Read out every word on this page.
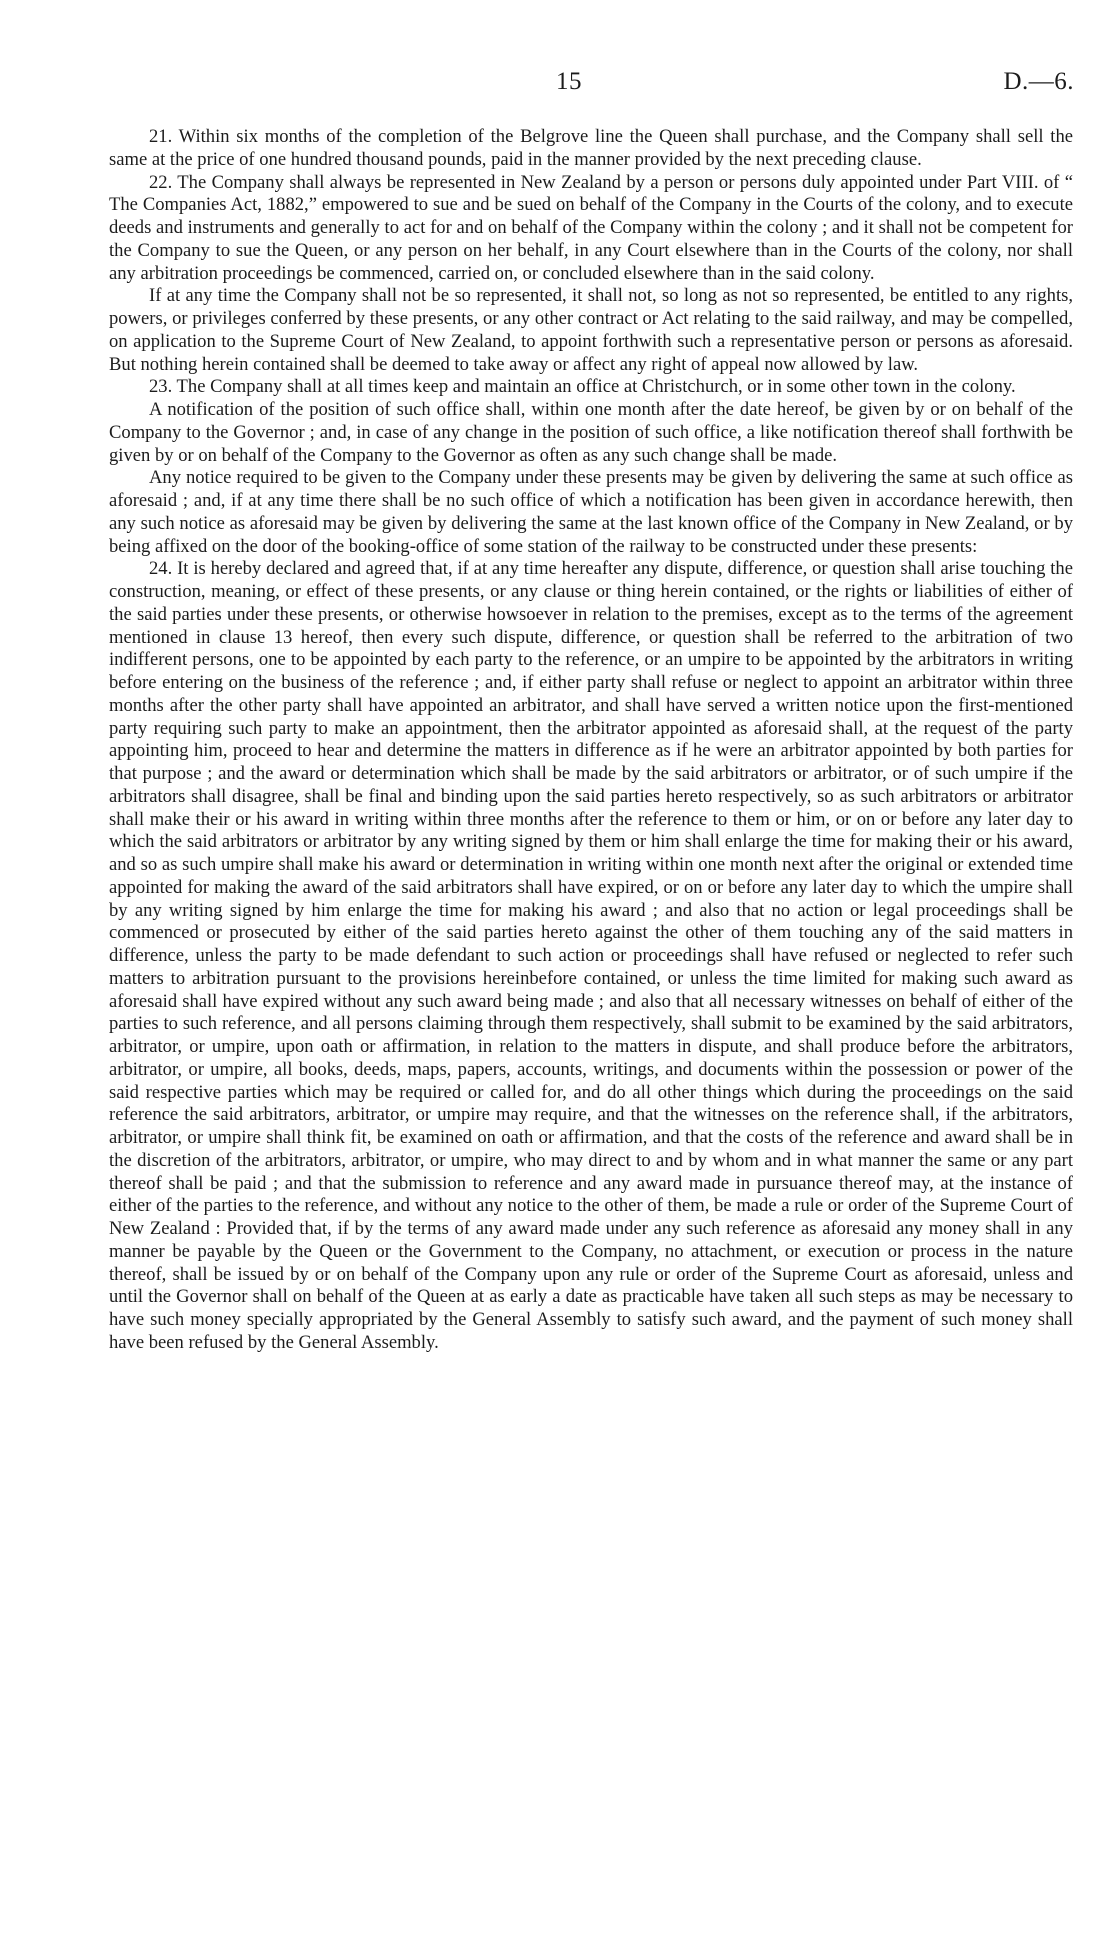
15	D.—6.

21. Within six months of the completion of the Belgrove line the Queen shall purchase, and the Company shall sell the same at the price of one hundred thousand pounds, paid in the manner provided by the next preceding clause.

22. The Company shall always be represented in New Zealand by a person or persons duly appointed under Part VIII. of “ The Companies Act, 1882,” empowered to sue and be sued on behalf of the Company in the Courts of the colony, and to execute deeds and instruments and generally to act for and on behalf of the Company within the colony ; and it shall not be competent for the Company to sue the Queen, or any person on her behalf, in any Court elsewhere than in the Courts of the colony, nor shall any arbitration proceedings be commenced, carried on, or concluded elsewhere than in the said colony.

If at any time the Company shall not be so represented, it shall not, so long as not so represented, be entitled to any rights, powers, or privileges conferred by these presents, or any other contract or Act relating to the said railway, and may be compelled, on application to the Supreme Court of New Zealand, to appoint forthwith such a representative person or persons as aforesaid. But nothing herein contained shall be deemed to take away or affect any right of appeal now allowed by law.

23. The Company shall at all times keep and maintain an office at Christchurch, or in some other town in the colony.

A notification of the position of such office shall, within one month after the date hereof, be given by or on behalf of the Company to the Governor ; and, in case of any change in the position of such office, a like notification thereof shall forthwith be given by or on behalf of the Company to the Governor as often as any such change shall be made.

Any notice required to be given to the Company under these presents may be given by delivering the same at such office as aforesaid ; and, if at any time there shall be no such office of which a notification has been given in accordance herewith, then any such notice as aforesaid may be given by delivering the same at the last known office of the Company in New Zealand, or by being affixed on the door of the booking-office of some station of the railway to be constructed under these presents:

24. It is hereby declared and agreed that, if at any time hereafter any dispute, difference, or question shall arise touching the construction, meaning, or effect of these presents, or any clause or thing herein contained, or the rights or liabilities of either of the said parties under these presents, or otherwise howsoever in relation to the premises, except as to the terms of the agreement mentioned in clause 13 hereof, then every such dispute, difference, or question shall be referred to the arbitration of two indifferent persons, one to be appointed by each party to the reference, or an umpire to be appointed by the arbitrators in writing before entering on the business of the reference ; and, if either party shall refuse or neglect to appoint an arbitrator within three months after the other party shall have appointed an arbitrator, and shall have served a written notice upon the first-mentioned party requiring such party to make an appointment, then the arbitrator appointed as aforesaid shall, at the request of the party appointing him, proceed to hear and determine the matters in difference as if he were an arbitrator appointed by both parties for that purpose ; and the award or determination which shall be made by the said arbitrators or arbitrator, or of such umpire if the arbitrators shall disagree, shall be final and binding upon the said parties hereto respectively, so as such arbitrators or arbitrator shall make their or his award in writing within three months after the reference to them or him, or on or before any later day to which the said arbitrators or arbitrator by any writing signed by them or him shall enlarge the time for making their or his award, and so as such umpire shall make his award or determination in writing within one month next after the original or extended time appointed for making the award of the said arbitrators shall have expired, or on or before any later day to which the umpire shall by any writing signed by him enlarge the time for making his award ; and also that no action or legal proceedings shall be commenced or prosecuted by either of the said parties hereto against the other of them touching any of the said matters in difference, unless the party to be made defendant to such action or proceedings shall have refused or neglected to refer such matters to arbitration pursuant to the provisions hereinbefore contained, or unless the time limited for making such award as aforesaid shall have expired without any such award being made ; and also that all necessary witnesses on behalf of either of the parties to such reference, and all persons claiming through them respectively, shall submit to be examined by the said arbitrators, arbitrator, or umpire, upon oath or affirmation, in relation to the matters in dispute, and shall produce before the arbitrators, arbitrator, or umpire, all books, deeds, maps, papers, accounts, writings, and documents within the possession or power of the said respective parties which may be required or called for, and do all other things which during the proceedings on the said reference the said arbitrators, arbitrator, or umpire may require, and that the witnesses on the reference shall, if the arbitrators, arbitrator, or umpire shall think fit, be examined on oath or affirmation, and that the costs of the reference and award shall be in the discretion of the arbitrators, arbitrator, or umpire, who may direct to and by whom and in what manner the same or any part thereof shall be paid ; and that the submission to reference and any award made in pursuance thereof may, at the instance of either of the parties to the reference, and without any notice to the other of them, be made a rule or order of the Supreme Court of New Zealand : Provided that, if by the terms of any award made under any such reference as aforesaid any money shall in any manner be payable by the Queen or the Government to the Company, no attachment, or execution or process in the nature thereof, shall be issued by or on behalf of the Company upon any rule or order of the Supreme Court as aforesaid, unless and until the Governor shall on behalf of the Queen at as early a date as practicable have taken all such steps as may be necessary to have such money specially appropriated by the General Assembly to satisfy such award, and the payment of such money shall have been refused by the General Assembly.
